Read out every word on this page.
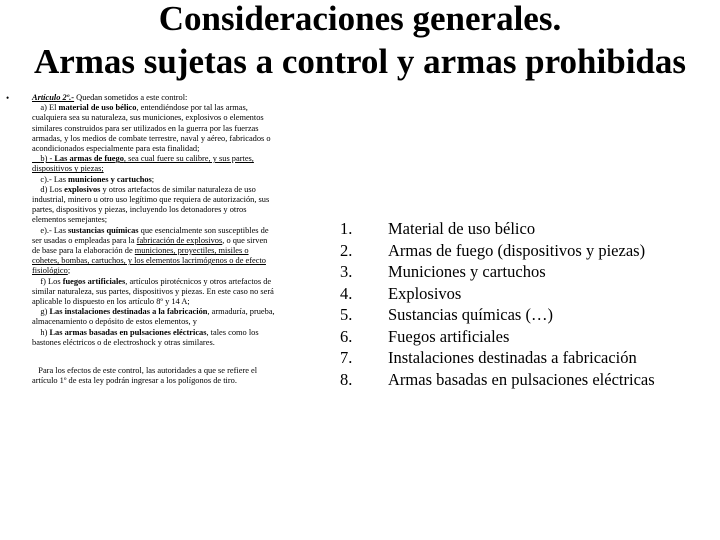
Consideraciones generales.
Armas sujetas a control y armas prohibidas
•	Artículo 2º.- Quedan sometidos a este control:

a) El material de uso bélico, entendiéndose por tal las armas, cualquiera sea su naturaleza, sus municiones, explosivos o elementos similares construidos para ser utilizados en la guerra por las fuerzas armadas, y los medios de combate terrestre, naval y aéreo, fabricados o acondicionados especialmente para esta finalidad;

b) - Las armas de fuego, sea cual fuere su calibre, y sus partes, dispositivos y piezas;

c).- Las municiones y cartuchos;

d) Los explosivos y otros artefactos de similar naturaleza de uso industrial, minero u otro uso legítimo que requiera de autorización, sus partes, dispositivos y piezas, incluyendo los detonadores y otros elementos semejantes;

e).- Las sustancias químicas que esencialmente son susceptibles de ser usadas o empleadas para la fabricación de explosivos, o que sirven de base para la elaboración de municiones, proyectiles, misiles o cohetes, bombas, cartuchos, y los elementos lacrimógenos o de efecto fisiológico;

f) Los fuegos artificiales, artículos pirotécnicos y otros artefactos de similar naturaleza, sus partes, dispositivos y piezas. En este caso no será aplicable lo dispuesto en los artículo 8º y 14 A;

g) Las instalaciones destinadas a la fabricación, armaduría, prueba, almacenamiento o depósito de estos elementos, y

h) Las armas basadas en pulsaciones eléctricas, tales como los bastones eléctricos o de electroshock y otras similares.

Para los efectos de este control, las autoridades a que se refiere el artículo 1º de esta ley podrán ingresar a los polígonos de tiro.

1.	Material de uso bélico
2.	Armas de fuego (dispositivos y piezas)
3.	Municiones y cartuchos
4.	Explosivos
5.	Sustancias químicas (…)
6.	Fuegos artificiales
7.	Instalaciones destinadas a fabricación
8.	Armas basadas en pulsaciones eléctricas
